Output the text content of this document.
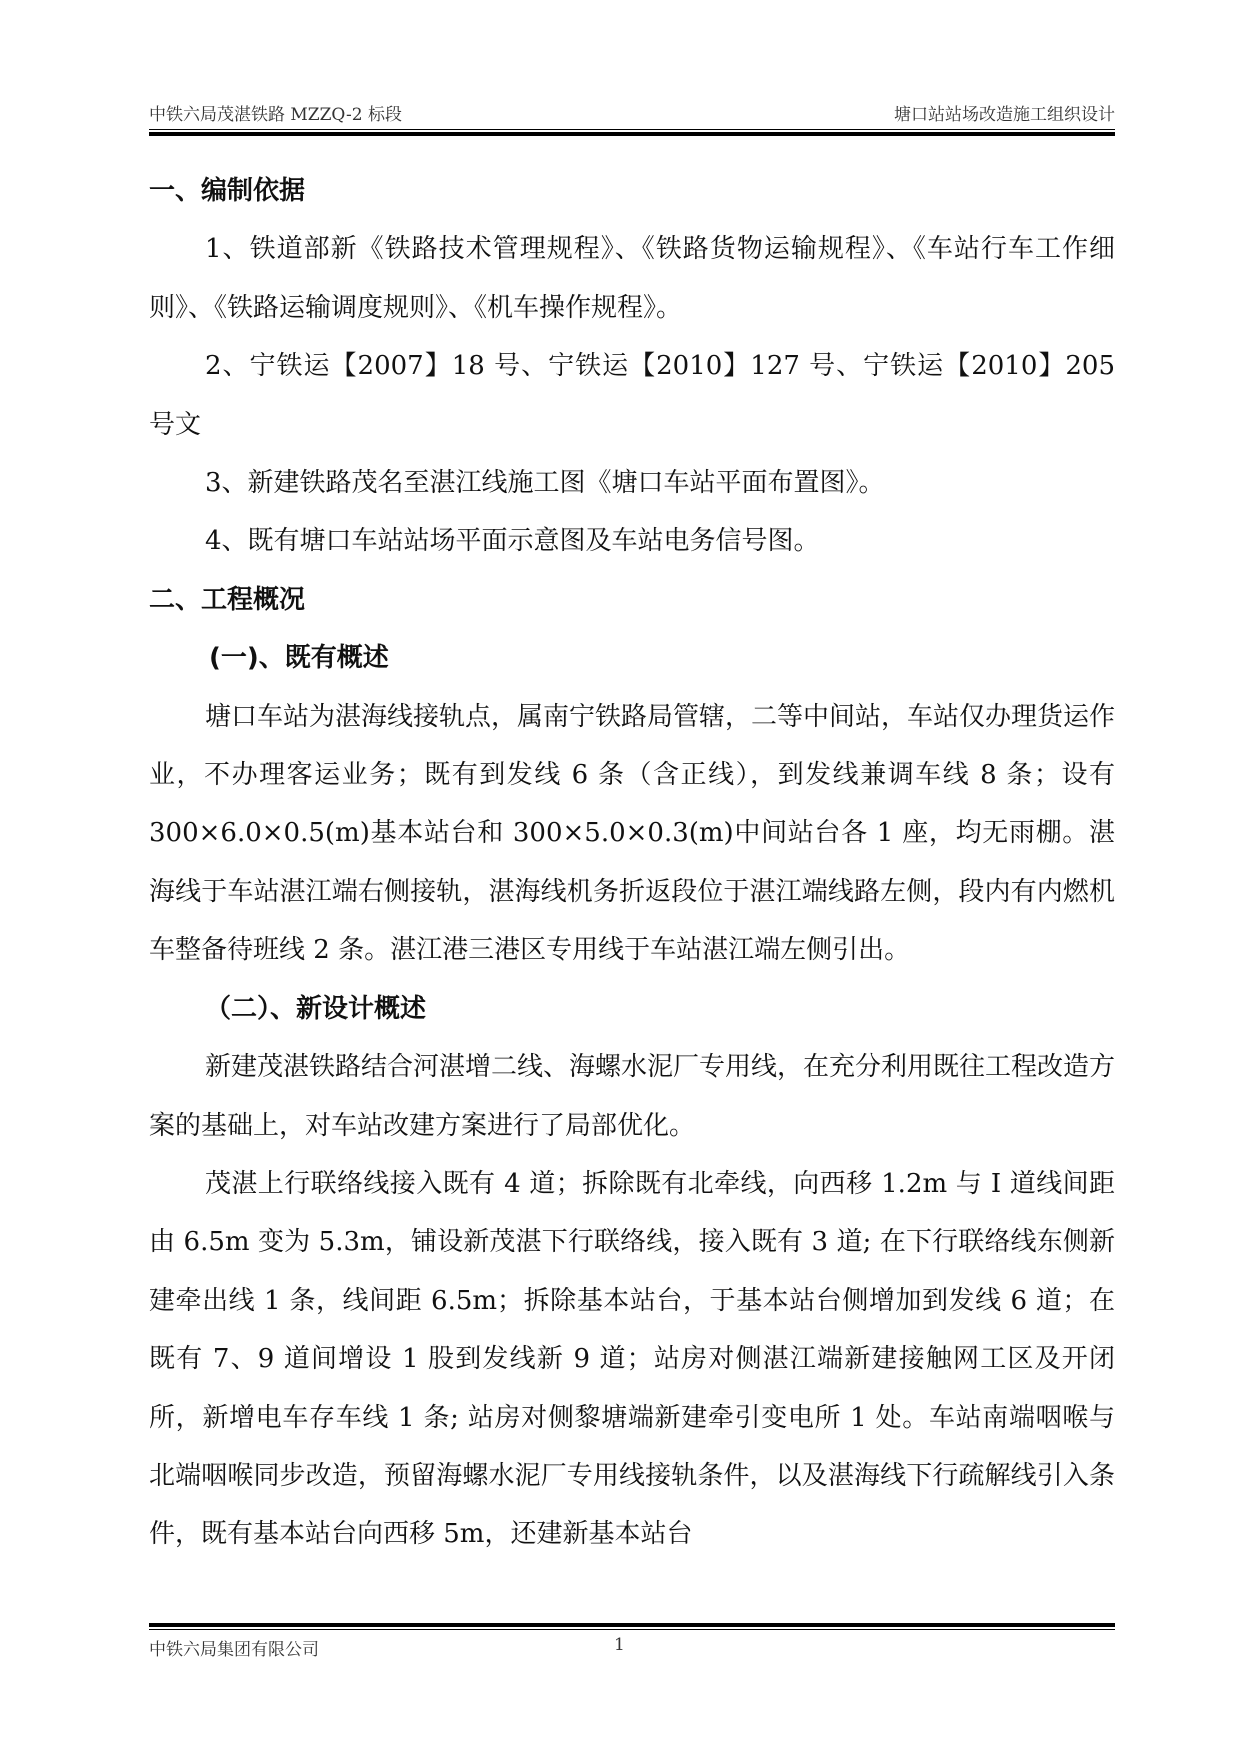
中铁六局茂湛铁路 MZZQ-2 标段	塘口站站场改造施工组织设计

一、编制依据

1、铁道部新《铁路技术管理规程》、《铁路货物运输规程》、《车站行车工作细则》、《铁路运输调度规则》、《机车操作规程》。

2、宁铁运【2007】18 号、宁铁运【2010】127 号、宁铁运【2010】205 号文

3、新建铁路茂名至湛江线施工图《塘口车站平面布置图》。

4、既有塘口车站站场平面示意图及车站电务信号图。

二、工程概况

(一)、既有概述

塘口车站为湛海线接轨点，属南宁铁路局管辖，二等中间站，车站仅办理货运作业，不办理客运业务；既有到发线 6 条（含正线），到发线兼调车线 8 条；设有 300×6.0×0.5(m)基本站台和 300×5.0×0.3(m)中间站台各 1 座，均无雨棚。湛海线于车站湛江端右侧接轨，湛海线机务折返段位于湛江端线路左侧，段内有内燃机车整备待班线 2 条。湛江港三港区专用线于车站湛江端左侧引出。

（二）、新设计概述

新建茂湛铁路结合河湛增二线、海螺水泥厂专用线，在充分利用既往工程改造方案的基础上，对车站改建方案进行了局部优化。

茂湛上行联络线接入既有 4 道；拆除既有北牵线，向西移 1.2m 与 I 道线间距由 6.5m 变为 5.3m，铺设新茂湛下行联络线，接入既有 3 道; 在下行联络线东侧新建牵出线 1 条，线间距 6.5m；拆除基本站台，于基本站台侧增加到发线 6 道；在既有 7、9 道间增设 1 股到发线新 9 道；站房对侧湛江端新建接触网工区及开闭所，新增电车存车线 1 条; 站房对侧黎塘端新建牵引变电所 1 处。车站南端咽喉与北端咽喉同步改造，预留海螺水泥厂专用线接轨条件，以及湛海线下行疏解线引入条件，既有基本站台向西移 5m，还建新基本站台

中铁六局集团有限公司	1
